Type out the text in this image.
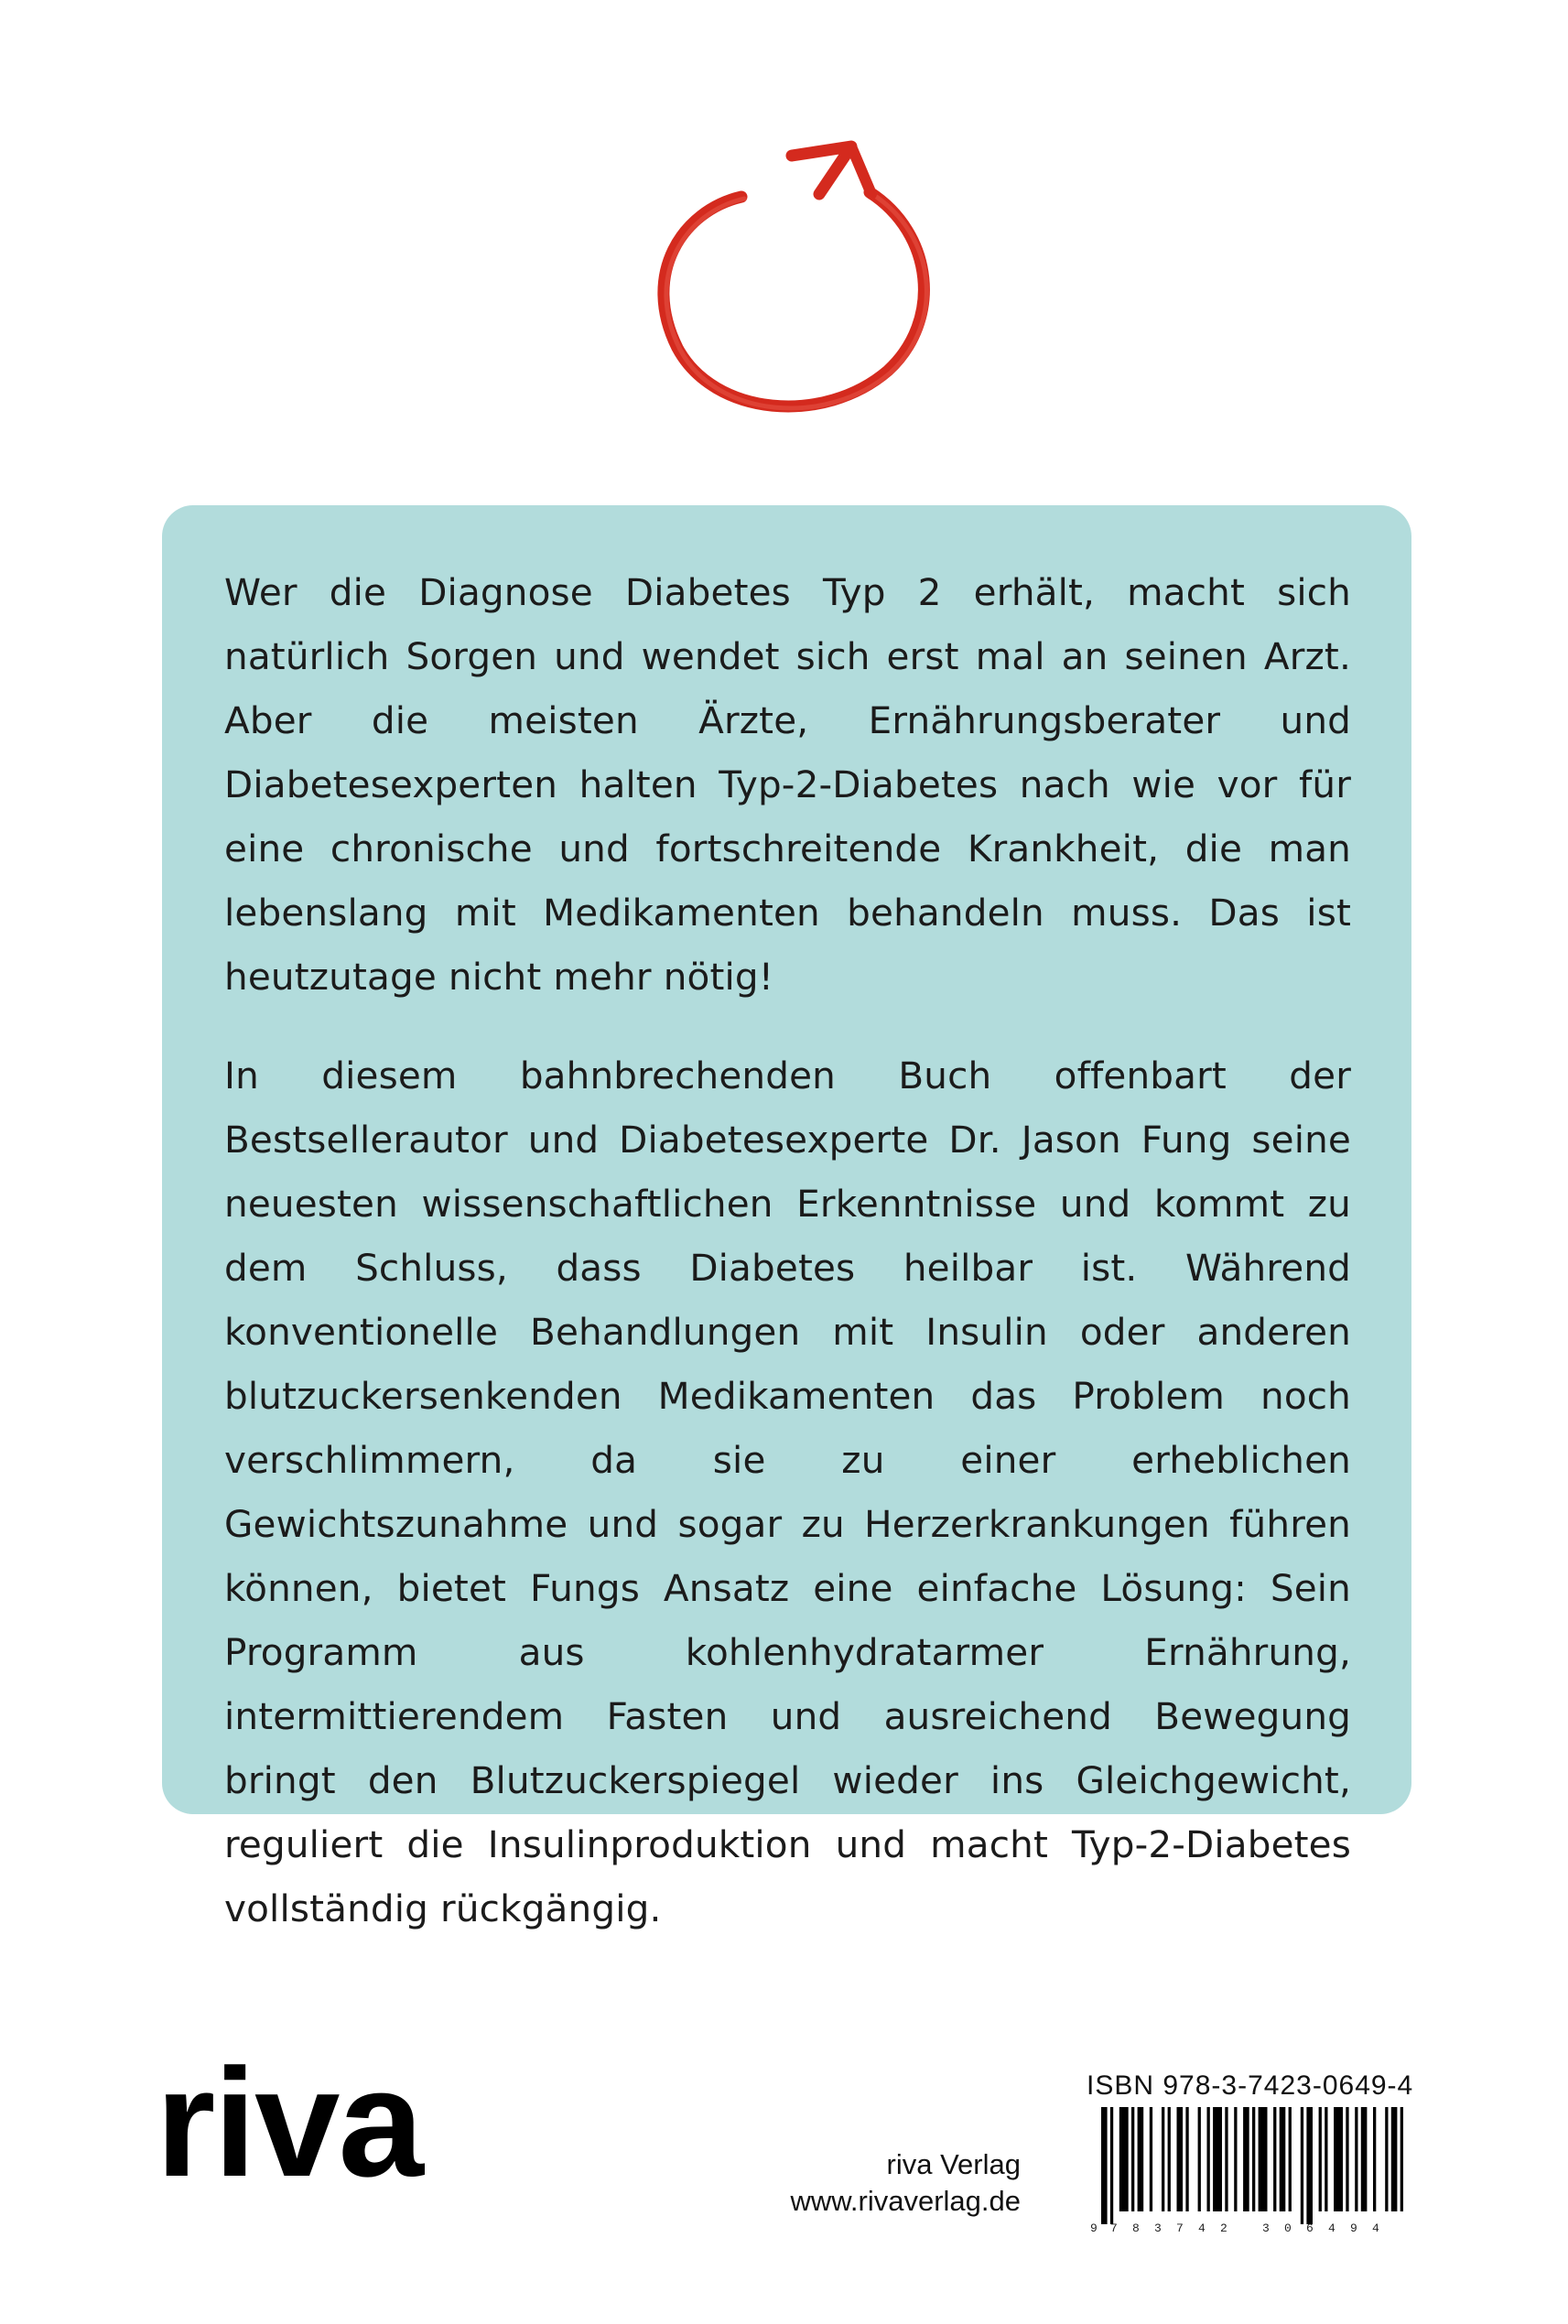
Wer die Diagnose Diabetes Typ 2 erhält, macht sich natürlich Sorgen und wendet sich erst mal an seinen Arzt. Aber die meisten Ärzte, Ernährungsberater und Diabetesexperten halten Typ-2-Diabetes nach wie vor für eine chronische und fortschreitende Krankheit, die man lebenslang mit Medikamenten behandeln muss. Das ist heutzutage nicht mehr nötig!

In diesem bahnbrechenden Buch offenbart der Bestsellerautor und Diabetesexperte Dr. Jason Fung seine neuesten wissenschaftlichen Erkenntnisse und kommt zu dem Schluss, dass Diabetes heilbar ist. Während konventionelle Behandlungen mit Insulin oder anderen blutzuckersenkenden Medikamenten das Problem noch verschlimmern, da sie zu einer erheblichen Gewichtszunahme und sogar zu Herzerkrankungen führen können, bietet Fungs Ansatz eine einfache Lösung: Sein Programm aus kohlenhydratarmer Ernährung, intermittierendem Fasten und ausreichend Bewegung bringt den Blutzuckerspiegel wieder ins Gleichgewicht, reguliert die Insulinproduktion und macht Typ-2-Diabetes vollständig rückgängig.

riva	riva Verlag
www.rivaverlag.de
ISBN 978-3-7423-0649-4
9 7 8 3 7 4 2	3 0 6 4 9 4
